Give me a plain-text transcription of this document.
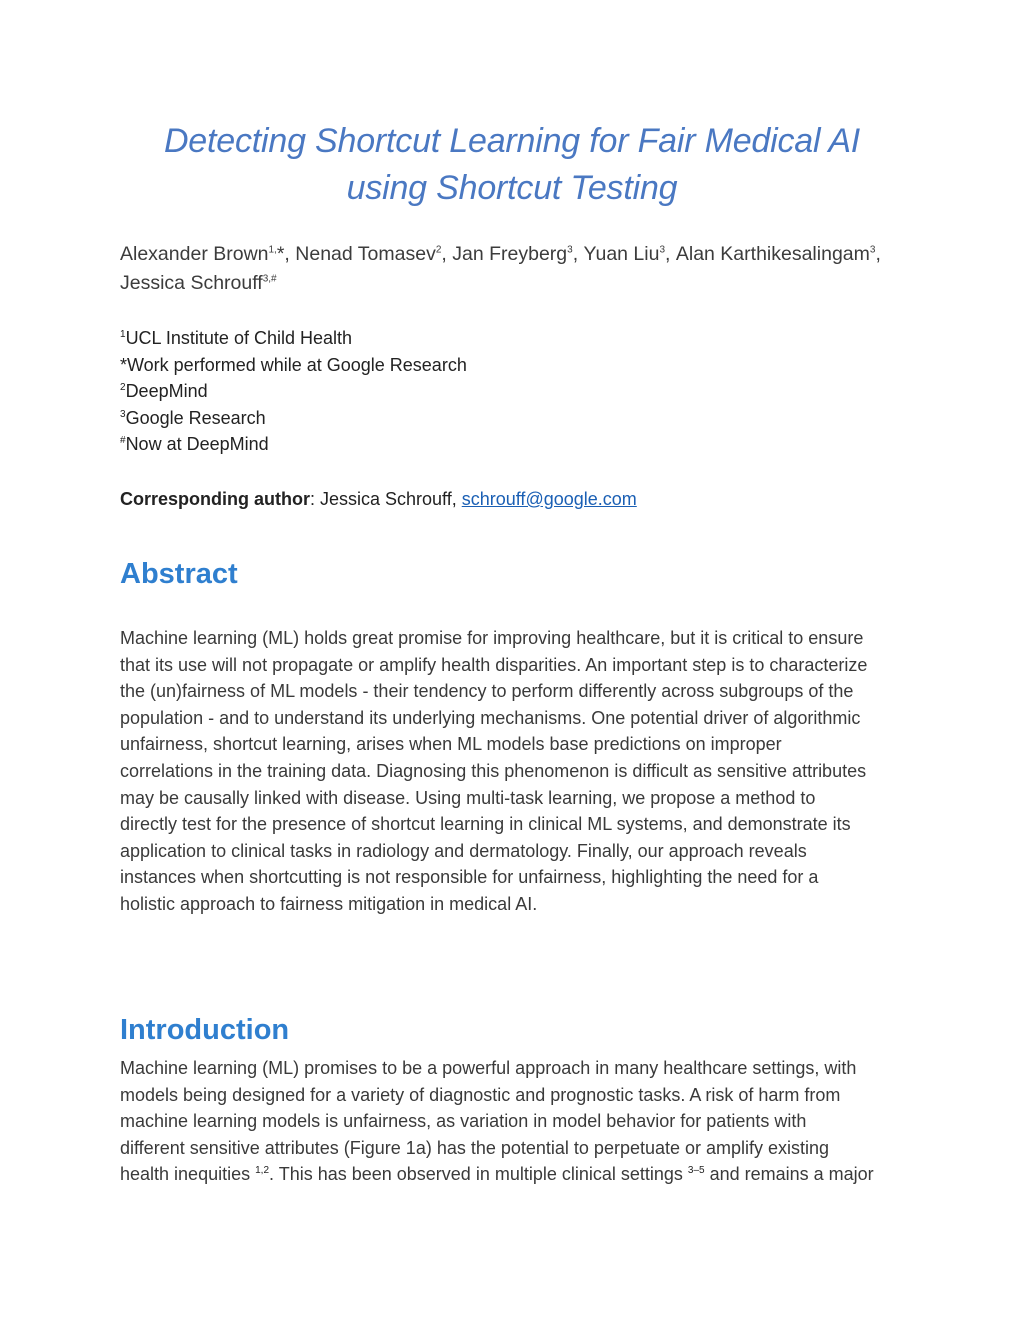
Detecting Shortcut Learning for Fair Medical AI
using Shortcut Testing
Alexander Brown$^{1,}$*, Nenad Tomasev$^2$, Jan Freyberg$^3$, Yuan Liu$^3$, Alan Karthikesalingam$^3$,
Jessica Schrouff$^{3,\#}$
$^1$UCL Institute of Child Health
*Work performed while at Google Research
$^2$DeepMind
$^3$Google Research
#Now at DeepMind
Corresponding author: Jessica Schrouff, schrouff@google.com
Abstract
Machine learning (ML) holds great promise for improving healthcare, but it is critical to ensure
that its use will not propagate or amplify health disparities. An important step is to characterize
the (un)fairness of ML models - their tendency to perform differently across subgroups of the
population - and to understand its underlying mechanisms. One potential driver of algorithmic
unfairness, shortcut learning, arises when ML models base predictions on improper
correlations in the training data. Diagnosing this phenomenon is difficult as sensitive attributes
may be causally linked with disease. Using multi-task learning, we propose a method to
directly test for the presence of shortcut learning in clinical ML systems, and demonstrate its
application to clinical tasks in radiology and dermatology. Finally, our approach reveals
instances when shortcutting is not responsible for unfairness, highlighting the need for a
holistic approach to fairness mitigation in medical AI.
Introduction
Machine learning (ML) promises to be a powerful approach in many healthcare settings, with
models being designed for a variety of diagnostic and prognostic tasks. A risk of harm from
machine learning models is unfairness, as variation in model behavior for patients with
different sensitive attributes (Figure 1a) has the potential to perpetuate or amplify existing
health inequities $^{1,2}$. This has been observed in multiple clinical settings $^{3-5}$ and remains a major
